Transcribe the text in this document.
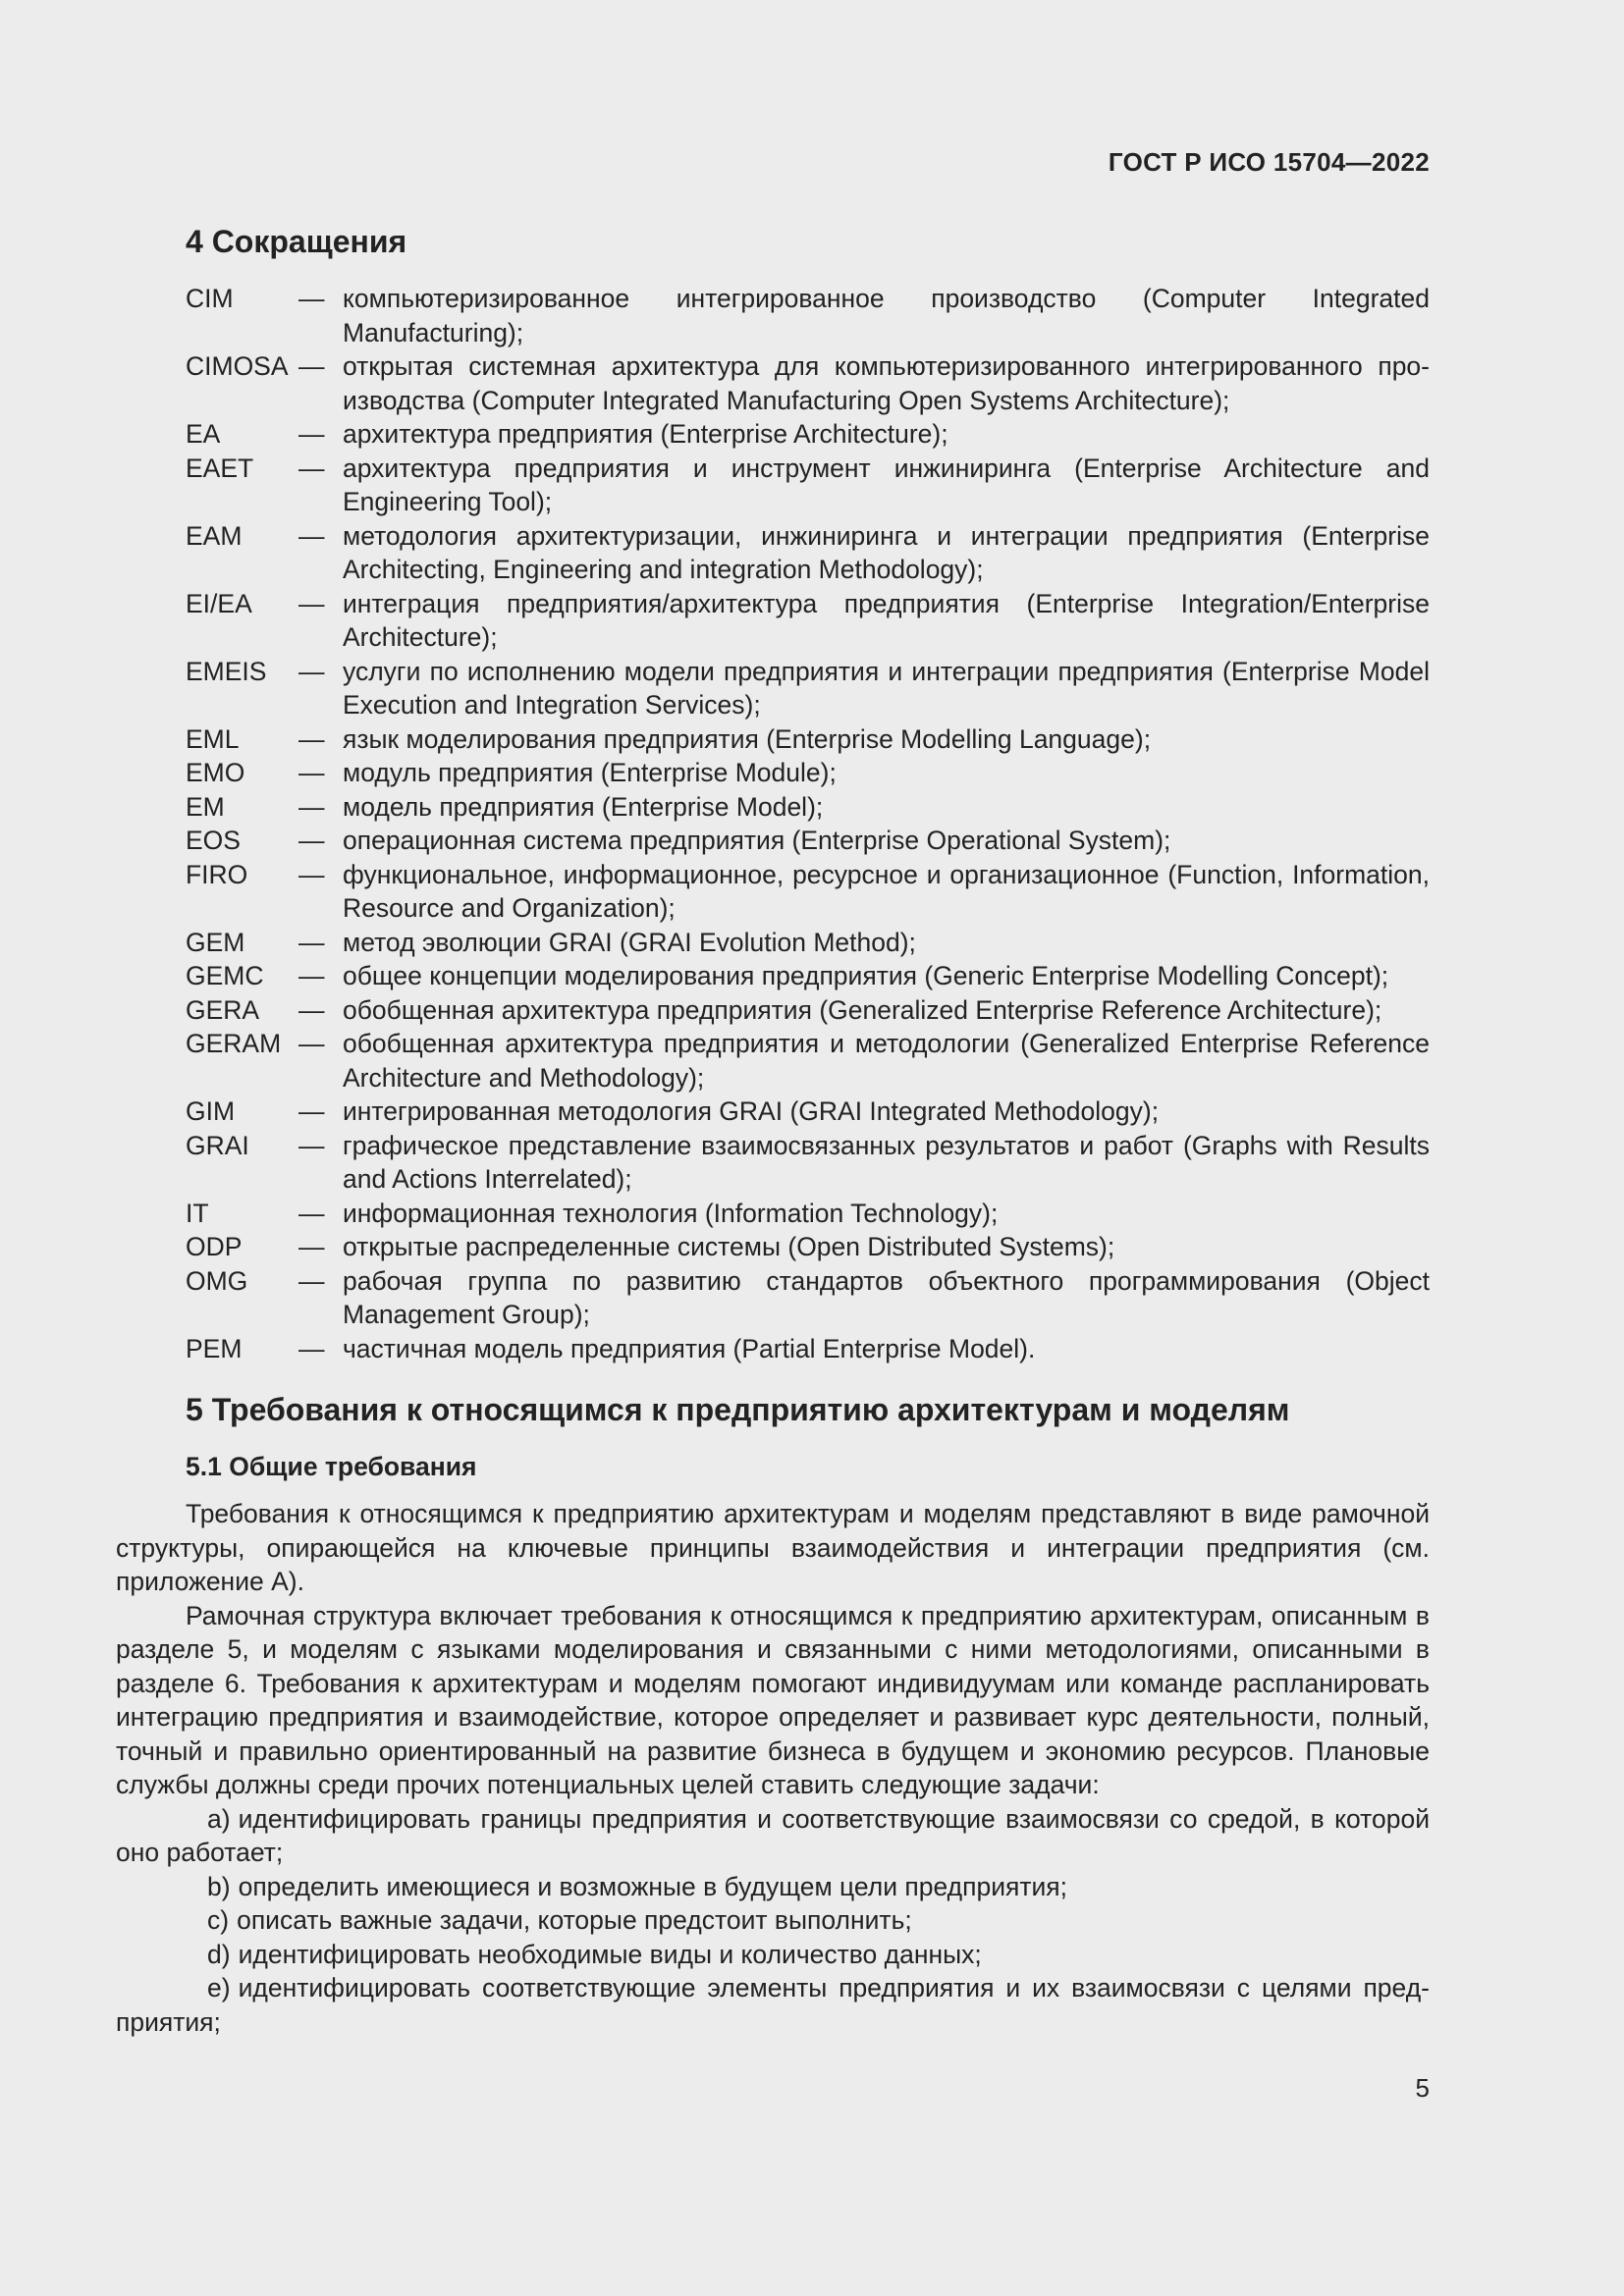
ГОСТ Р ИСО 15704—2022
4 Сокращения
CIM	— компьютеризированное интегрированное производство (Computer Integrated Manufacturing);
CIMOSA — открытая системная архитектура для компьютеризированного интегрированного производства (Computer Integrated Manufacturing Open Systems Architecture);
EA	— архитектура предприятия (Enterprise Architecture);
EAET	— архитектура предприятия и инструмент инжиниринга (Enterprise Architecture and Engineering Tool);
EAM	— методология архитектуризации, инжиниринга и интеграции предприятия (Enterprise Architecting, Engineering and integration Methodology);
EI/EA	— интеграция предприятия/архитектура предприятия (Enterprise Integration/Enterprise Architecture);
EMEIS	— услуги по исполнению модели предприятия и интеграции предприятия (Enterprise Model Execution and Integration Services);
EML	— язык моделирования предприятия (Enterprise Modelling Language);
EMO	— модуль предприятия (Enterprise Module);
EM	— модель предприятия (Enterprise Model);
EOS	— операционная система предприятия (Enterprise Operational System);
FIRO	— функциональное, информационное, ресурсное и организационное (Function, Information, Resource and Organization);
GEM	— метод эволюции GRAI (GRAI Evolution Method);
GEMC	— общее концепции моделирования предприятия (Generic Enterprise Modelling Concept);
GERA	— обобщенная архитектура предприятия (Generalized Enterprise Reference Architecture);
GERAM — обобщенная архитектура предприятия и методологии (Generalized Enterprise Reference Architecture and Methodology);
GIM	— интегрированная методология GRAI (GRAI Integrated Methodology);
GRAI	— графическое представление взаимосвязанных результатов и работ (Graphs with Results and Actions Interrelated);
IT	— информационная технология (Information Technology);
ODP	— открытые распределенные системы (Open Distributed Systems);
OMG	— рабочая группа по развитию стандартов объектного программирования (Object Management Group);
PEM	— частичная модель предприятия (Partial Enterprise Model).
5 Требования к относящимся к предприятию архитектурам и моделям
5.1 Общие требования

Требования к относящимся к предприятию архитектурам и моделям представляют в виде рамочной структуры, опирающейся на ключевые принципы взаимодействия и интеграции предприятия (см. приложение А).

Рамочная структура включает требования к относящимся к предприятию архитектурам, описанным в разделе 5, и моделям с языками моделирования и связанными с ними методологиями, описанными в разделе 6. Требования к архитектурам и моделям помогают индивидуумам или команде распланировать интеграцию предприятия и взаимодействие, которое определяет и развивает курс деятельности, полный, точный и правильно ориентированный на развитие бизнеса в будущем и экономию ресурсов. Плановые службы должны среди прочих потенциальных целей ставить следующие задачи:

a) идентифицировать границы предприятия и соответствующие взаимосвязи со средой, в которой оно работает;

b) определить имеющиеся и возможные в будущем цели предприятия;

c) описать важные задачи, которые предстоит выполнить;

d) идентифицировать необходимые виды и количество данных;

e) идентифицировать соответствующие элементы предприятия и их взаимосвязи с целями предприятия;

5
